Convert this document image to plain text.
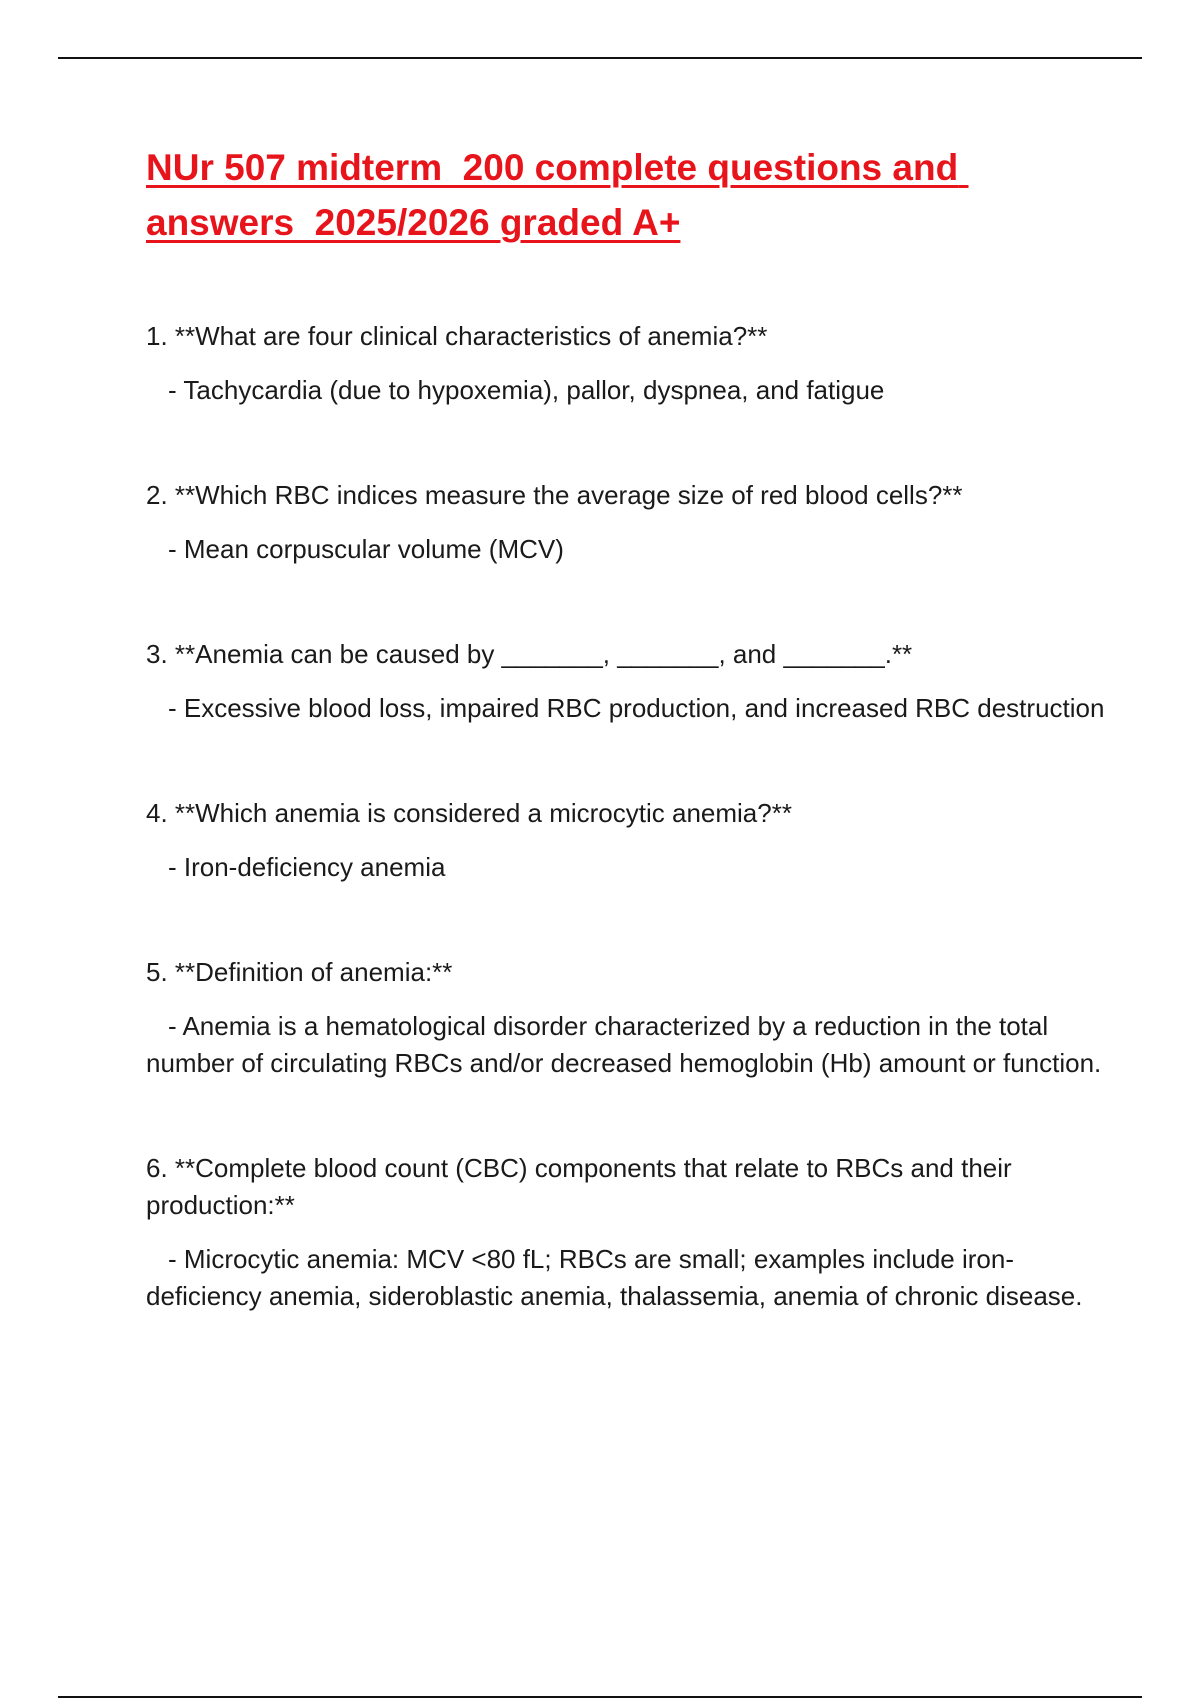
NUr 507 midterm  200 complete questions and answers  2025/2026 graded A+

1. **What are four clinical characteristics of anemia?**

- Tachycardia (due to hypoxemia), pallor, dyspnea, and fatigue

2. **Which RBC indices measure the average size of red blood cells?**

- Mean corpuscular volume (MCV)

3. **Anemia can be caused by _______, _______, and _______.**

- Excessive blood loss, impaired RBC production, and increased RBC destruction

4. **Which anemia is considered a microcytic anemia?**

- Iron-deficiency anemia

5. **Definition of anemia:**

- Anemia is a hematological disorder characterized by a reduction in the total number of circulating RBCs and/or decreased hemoglobin (Hb) amount or function.

6. **Complete blood count (CBC) components that relate to RBCs and their production:**

- Microcytic anemia: MCV <80 fL; RBCs are small; examples include iron-deficiency anemia, sideroblastic anemia, thalassemia, anemia of chronic disease.
